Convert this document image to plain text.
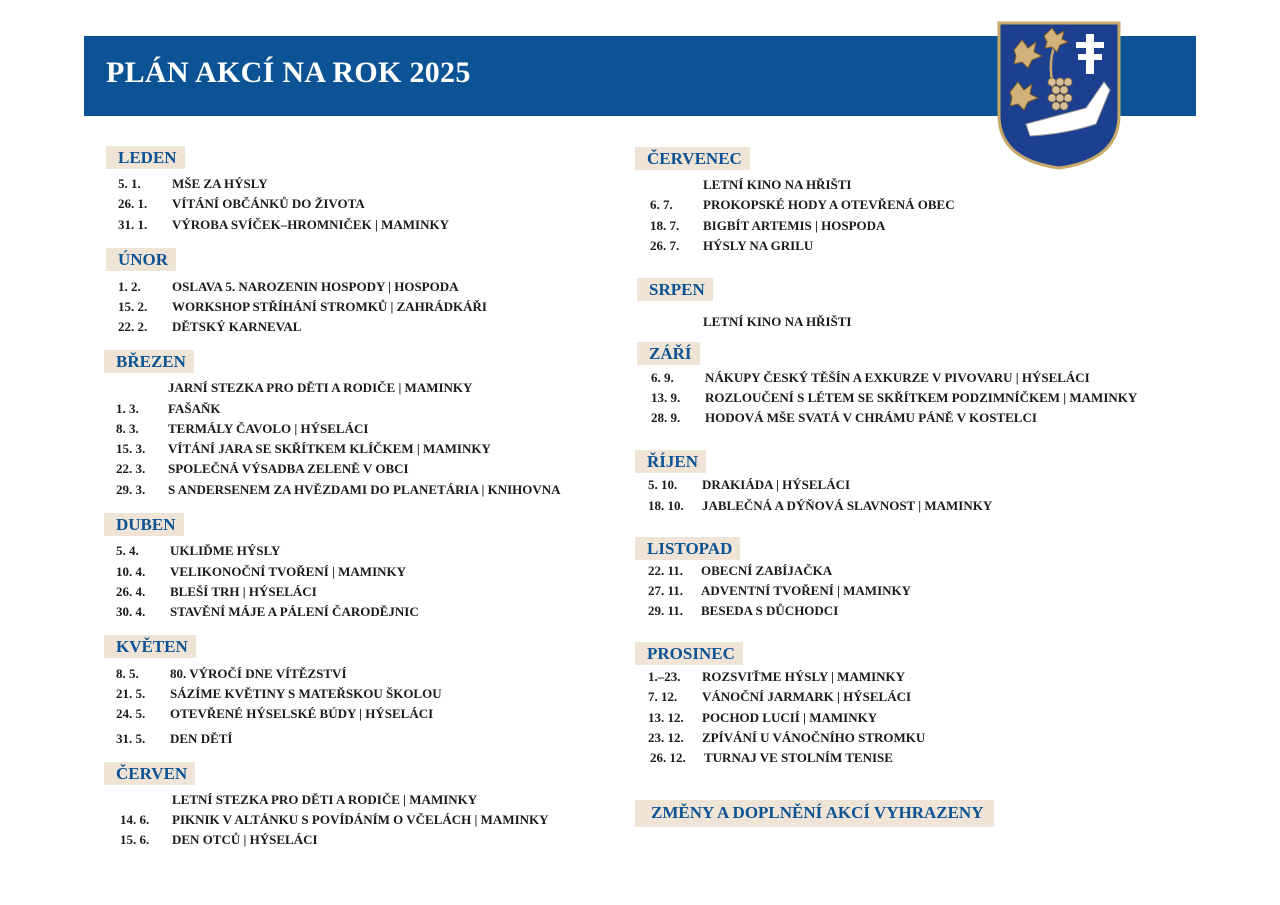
PLÁN AKCÍ NA ROK 2025
LEDEN
5. 1. MŠE ZA HÝSLY
26. 1. VÍTÁNÍ OBČÁNKŮ DO ŽIVOTA
31. 1. VÝROBA SVÍČEK–HROMNIČEK | MAMINKY
ÚNOR
1. 2. OSLAVA 5. NAROZENIN HOSPODY | HOSPODA
15. 2. WORKSHOP STŘÍHÁNÍ STROMKŮ | ZAHRÁDKÁŘI
22. 2. DĚTSKÝ KARNEVAL
BŘEZEN
JARNÍ STEZKA PRO DĚTI A RODIČE | MAMINKY
1. 3. FAŠAŇK
8. 3. TERMÁLY ČAVOLO | HÝSELÁCI
15. 3. VÍTÁNÍ JARA SE SKŘÍTKEM KLÍČKEM | MAMINKY
22. 3. SPOLEČNÁ VÝSADBA ZELENĚ V OBCI
29. 3. S ANDERSENEM ZA HVĚZDAMI DO PLANETÁRIA | KNIHOVNA
DUBEN
5. 4. UKLIĎME HÝSLY
10. 4. VELIKONOČNÍ TVOŘENÍ | MAMINKY
26. 4. BLEŠÍ TRH | HÝSELÁCI
30. 4. STAVĚNÍ MÁJE A PÁLENÍ ČARODĚJNIC
KVĚTEN
8. 5. 80. VÝROČÍ DNE VÍTĚZSTVÍ
21. 5. SÁZÍME KVĚTINY S MATEŘSKOU ŠKOLOU
24. 5. OTEVŘENÉ HÝSELSKÉ BÚDY | HÝSELÁCI
31. 5. DEN DĚTÍ
ČERVEN
LETNÍ STEZKA PRO DĚTI A RODIČE | MAMINKY
14. 6. PIKNIK V ALTÁNKU S POVÍDÁNÍM O VČELÁCH | MAMINKY
15. 6. DEN OTCŮ | HÝSELÁCI
ČERVENEC
LETNÍ KINO NA HŘIŠTI
6. 7. PROKOPSKÉ HODY A OTEVŘENÁ OBEC
18. 7. BIGBÍT ARTEMIS | HOSPODA
26. 7. HÝSLY NA GRILU
SRPEN
LETNÍ KINO NA HŘIŠTI
ZÁŘÍ
6. 9. NÁKUPY ČESKÝ TĚŠÍN A EXKURZE V PIVOVARU | HÝSELÁCI
13. 9. ROZLOUČENÍ S LÉTEM SE SKŘÍTKEM PODZIMNÍČKEM | MAMINKY
28. 9. HODOVÁ MŠE SVATÁ V CHRÁMU PÁNĚ V KOSTELCI
ŘÍJEN
5. 10. DRAKIÁDA | HÝSELÁCI
18. 10. JABLEČNÁ A DÝŇOVÁ SLAVNOST | MAMINKY
LISTOPAD
22. 11. OBECNÍ ZABÍJAČKA
27. 11. ADVENTNÍ TVOŘENÍ | MAMINKY
29. 11. BESEDA S DŮCHODCI
PROSINEC
1.–23. ROZSVIŤME HÝSLY | MAMINKY
7. 12. VÁNOČNÍ JARMARK | HÝSELÁCI
13. 12. POCHOD LUCIÍ | MAMINKY
23. 12. ZPÍVÁNÍ U VÁNOČNÍHO STROMKU
26. 12. TURNAJ VE STOLNÍM TENISE
ZMĚNY A DOPLNĚNÍ AKCÍ VYHRAZENY
